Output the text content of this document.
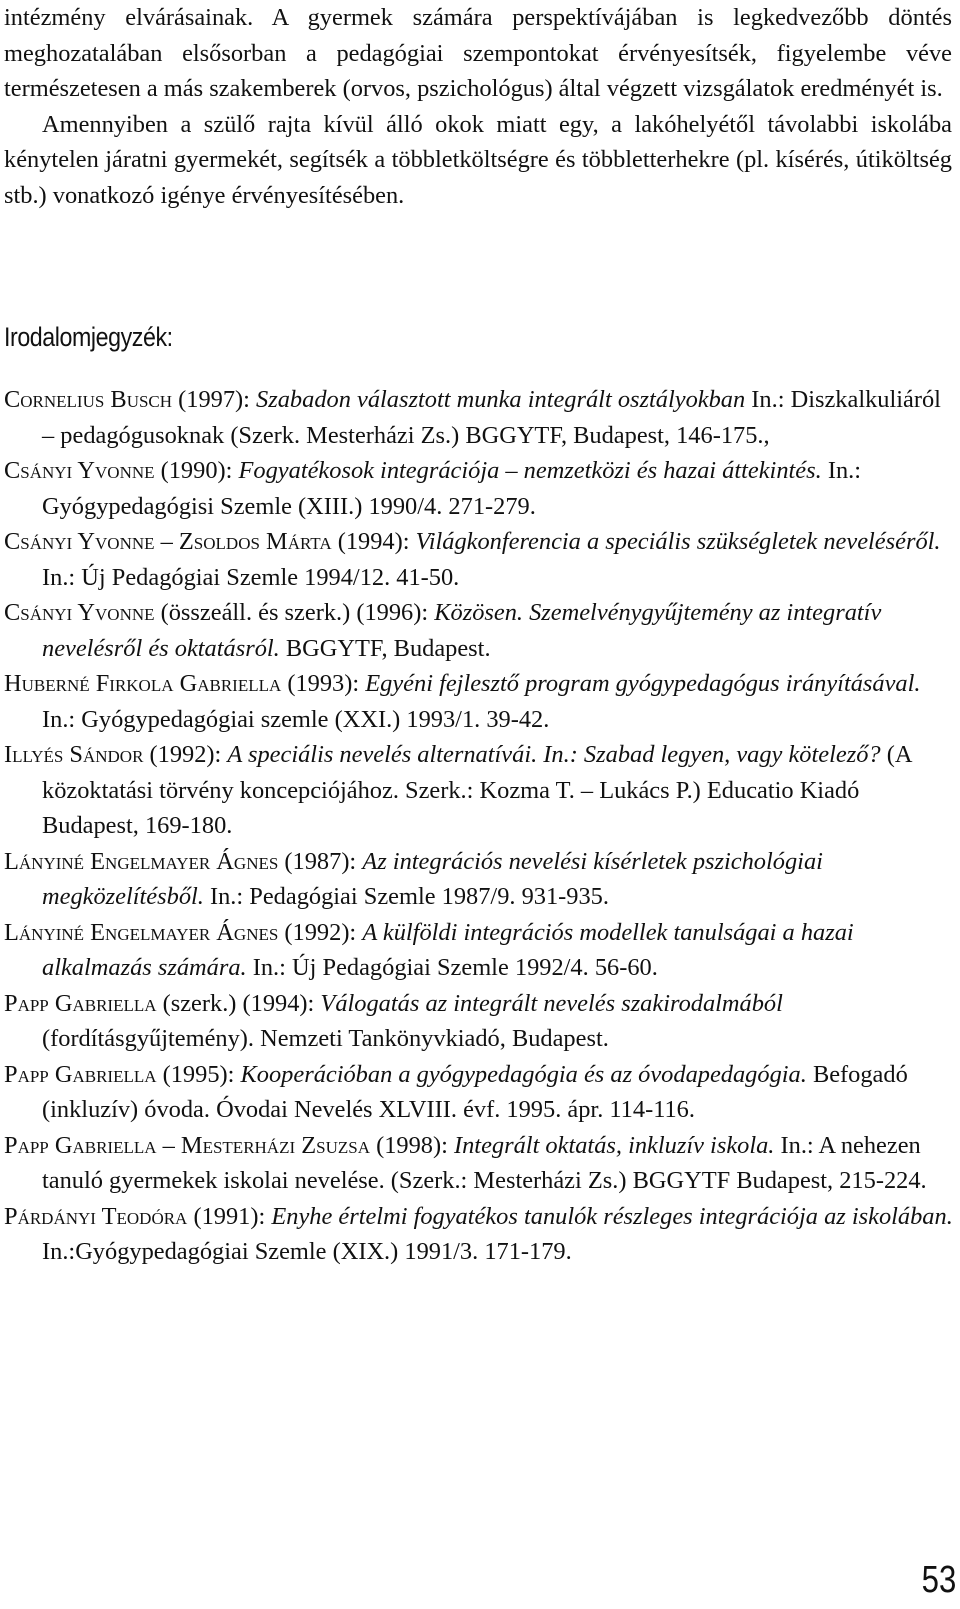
intézmény elvárásainak. A gyermek számára perspektívájában is legkedvezőbb döntés meghozatalában elsősorban a pedagógiai szempontokat érvényesítsék, figyelembe véve természetesen a más szakemberek (orvos, pszichológus) által végzett vizsgálatok eredményét is.

Amennyiben a szülő rajta kívül álló okok miatt egy, a lakóhelyétől távolabbi iskolába kénytelen járatni gyermekét, segítsék a többletköltségre és többletterhekre (pl. kísérés, útiköltség stb.) vonatkozó igénye érvényesítésében.

Irodalomjegyzék:
Cornelius Busch (1997): Szabadon választott munka integrált osztályokban In.: Diszkalkuliáról – pedagógusoknak (Szerk. Mesterházi Zs.) BGGYTF, Budapest, 146-175.,
Csányi Yvonne (1990): Fogyatékosok integrációja – nemzetközi és hazai áttekintés. In.: Gyógypedagógisi Szemle (XIII.) 1990/4. 271-279.
Csányi Yvonne – Zsoldos Márta (1994): Világkonferencia a speciális szükségletek neveléséről. In.: Új Pedagógiai Szemle 1994/12. 41-50.
Csányi Yvonne (összeáll. és szerk.) (1996): Közösen. Szemelvénygyűjtemény az integratív nevelésről és oktatásról. BGGYTF, Budapest.
Huberné Firkola Gabriella (1993): Egyéni fejlesztő program gyógypedagógus irányításával. In.: Gyógypedagógiai szemle (XXI.) 1993/1. 39-42.
Illyés Sándor (1992): A speciális nevelés alternatívái. In.: Szabad legyen, vagy kötelező? (A közoktatási törvény koncepciójához. Szerk.: Kozma T. – Lukács P.) Educatio Kiadó Budapest, 169-180.
Lányiné Engelmayer Ágnes (1987): Az integrációs nevelési kísérletek pszichológiai megközelítésből. In.: Pedagógiai Szemle 1987/9. 931-935.
Lányiné Engelmayer Ágnes (1992): A külföldi integrációs modellek tanulságai a hazai alkalmazás számára. In.: Új Pedagógiai Szemle 1992/4. 56-60.
Papp Gabriella (szerk.) (1994): Válogatás az integrált nevelés szakirodalmából (fordításgyűjtemény). Nemzeti Tankönyvkiadó, Budapest.
Papp Gabriella (1995): Kooperációban a gyógypedagógia és az óvodapedagógia. Befogadó (inkluzív) óvoda. Óvodai Nevelés XLVIII. évf. 1995. ápr. 114-116.
Papp Gabriella – Mesterházi Zsuzsa (1998): Integrált oktatás, inkluzív iskola. In.: A nehezen tanuló gyermekek iskolai nevelése. (Szerk.: Mesterházi Zs.) BGGYTF Budapest, 215-224.
Párdányi Teodóra (1991): Enyhe értelmi fogyatékos tanulók részleges integrációja az iskolában. In.:Gyógypedagógiai Szemle (XIX.) 1991/3. 171-179.
53
